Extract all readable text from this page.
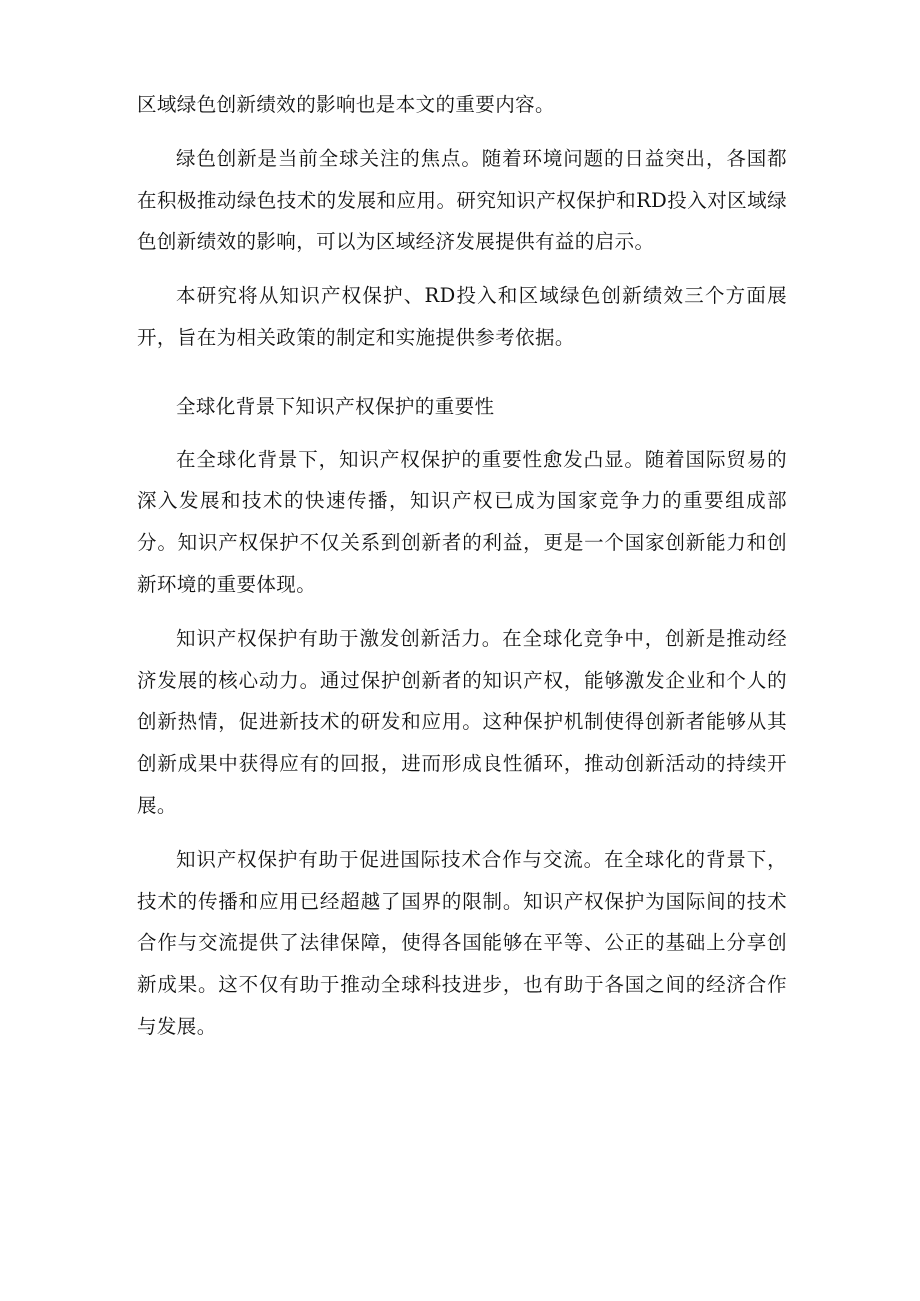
区域绿色创新绩效的影响也是本文的重要内容。

绿色创新是当前全球关注的焦点。随着环境问题的日益突出，各国都在积极推动绿色技术的发展和应用。研究知识产权保护和RD投入对区域绿色创新绩效的影响，可以为区域经济发展提供有益的启示。

本研究将从知识产权保护、RD投入和区域绿色创新绩效三个方面展开，旨在为相关政策的制定和实施提供参考依据。

全球化背景下知识产权保护的重要性

在全球化背景下，知识产权保护的重要性愈发凸显。随着国际贸易的深入发展和技术的快速传播，知识产权已成为国家竞争力的重要组成部分。知识产权保护不仅关系到创新者的利益，更是一个国家创新能力和创新环境的重要体现。

知识产权保护有助于激发创新活力。在全球化竞争中，创新是推动经济发展的核心动力。通过保护创新者的知识产权，能够激发企业和个人的创新热情，促进新技术的研发和应用。这种保护机制使得创新者能够从其创新成果中获得应有的回报，进而形成良性循环，推动创新活动的持续开展。

知识产权保护有助于促进国际技术合作与交流。在全球化的背景下，技术的传播和应用已经超越了国界的限制。知识产权保护为国际间的技术合作与交流提供了法律保障，使得各国能够在平等、公正的基础上分享创新成果。这不仅有助于推动全球科技进步，也有助于各国之间的经济合作与发展。
